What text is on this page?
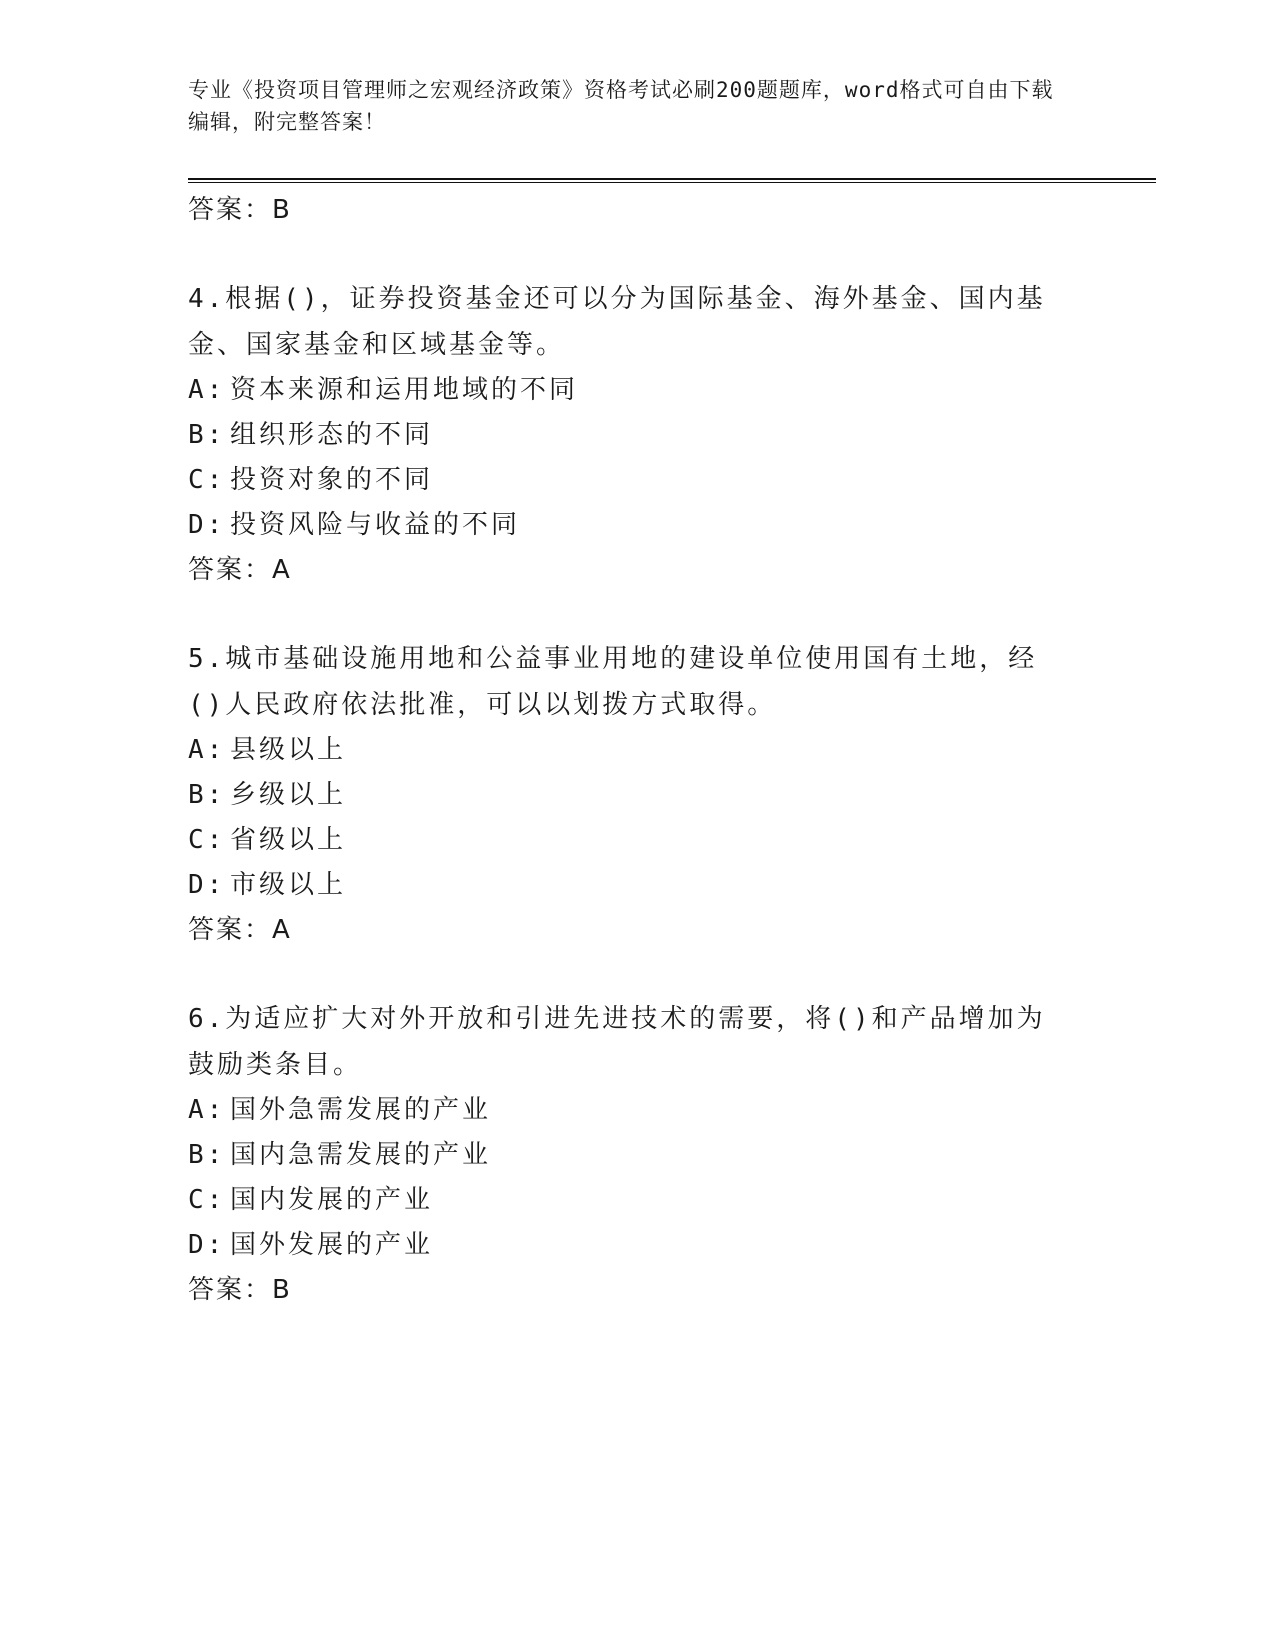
专业《投资项目管理师之宏观经济政策》资格考试必刷200题题库，word格式可自由下载编辑，附完整答案！

答案：B

4.根据()，证券投资基金还可以分为国际基金、海外基金、国内基金、国家基金和区域基金等。

A: 资本来源和运用地域的不同

B: 组织形态的不同

C: 投资对象的不同

D: 投资风险与收益的不同

答案：A

5.城市基础设施用地和公益事业用地的建设单位使用国有土地，经()人民政府依法批准，可以以划拨方式取得。

A: 县级以上

B: 乡级以上

C: 省级以上

D: 市级以上

答案：A

6.为适应扩大对外开放和引进先进技术的需要，将()和产品增加为鼓励类条目。

A: 国外急需发展的产业

B: 国内急需发展的产业

C: 国内发展的产业

D: 国外发展的产业

答案：B
